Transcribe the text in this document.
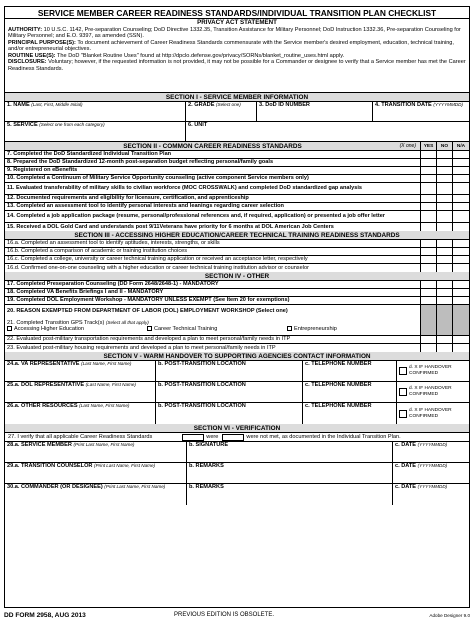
SERVICE MEMBER CAREER READINESS STANDARDS/INDIVIDUAL TRANSITION PLAN CHECKLIST
PRIVACY ACT STATEMENT
AUTHORITY: 10 U.S.C. 1142, Pre-separation Counseling; DoD Directive 1332.35, Transition Assistance for Military Personnel; DoD Instruction 1332.36, Pre-separation Counseling for Military Personnel; and E.O. 9397, as amended (SSN).
PRINCIPAL PURPOSE(S): To document achievement of Career Readiness Standards commensurate with the Service member's desired employment, education, technical training, and/or entrepreneurial objectives.
ROUTINE USE(S): The DoD "Blanket Routine Uses" found at http://dpclo.defense.gov/privacy/SORNs/blanket_routine_uses.html apply.
DISCLOSURE: Voluntary; however, if the requested information is not provided, it may not be possible for a Commander or designee to verify that a Service member has met the Career Readiness Standards.
SECTION I - SERVICE MEMBER INFORMATION
1. NAME (Last, First, Middle Initial)	2. GRADE (Select one)	3. DoD ID NUMBER	4. TRANSITION DATE (YYYYMMDD)
5. SERVICE (Select one from each category)	6. UNIT
SECTION II - COMMON CAREER READINESS STANDARDS	(X one)	YES	NO	N/A
7. Completed the DoD Standardized Individual Transition Plan
8. Prepared the DoD Standardized 12-month post-separation budget reflecting personal/family goals
9. Registered on eBenefits
10. Completed a Continuum of Military Service Opportunity counseling (active component Service members only)
11. Evaluated transferability of military skills to civilian workforce (MOC CROSSWALK) and completed DoD standardized gap analysis
12. Documented requirements and eligibility for licensure, certification, and apprenticeship
13. Completed an assessment tool to identify personal interests and leanings regarding career selection
14. Completed a job application package (resume, personal/professional references and, if required, application) or presented a job offer letter
15. Received a DOL Gold Card and understands post 9/11Veterans have priority for 6 months at DOL American Job Centers
SECTION III - ACCESSING HIGHER EDUCATION/CAREER TECHNICAL TRAINING READINESS STANDARDS
16.a. Completed an assessment tool to identify aptitudes, interests, strengths, or skills
16.b. Completed a comparison of academic or training institution choices
16.c. Completed a college, university or career technical training application or received an acceptance letter, respectively
16.d. Confirmed one-on-one counseling with a higher education or career technical training institution advisor or counselor
SECTION IV - OTHER
17. Completed Preseparation Counseling (DD Form 2648/2648-1) - MANDATORY
18. Completed VA Benefits Briefings I and II - MANDATORY
19. Completed DOL Employment Workshop - MANDATORY UNLESS EXEMPT (See Item 20 for exemptions)
20. REASON EXEMPTED FROM DEPARTMENT OF LABOR (DOL) EMPLOYMENT WORKSHOP (Select one)
21. Completed Transition GPS Track(s) (Select all that apply)
Accessing Higher Education	Career Technical Training	Entrepreneurship
22. Evaluated post-military transportation requirements and developed a plan to meet personal/family needs in ITP
23. Evaluated post-military housing requirements and developed a plan to meet personal/family needs in ITP
SECTION V - WARM HANDOVER TO SUPPORTING AGENCIES CONTACT INFORMATION
24.a. VA REPRESENTATIVE (Last Name, First Name)	b. POST-TRANSITION LOCATION	c. TELEPHONE NUMBER
d. X IF HANDOVER CONFIRMED
25.a. DOL REPRESENTATIVE (Last Name, First Name)	b. POST-TRANSITION LOCATION	c. TELEPHONE NUMBER
d. X IF HANDOVER CONFIRMED
26.a. OTHER RESOURCES (Last Name, First Name)	b. POST-TRANSITION LOCATION	c. TELEPHONE NUMBER
d. X IF HANDOVER CONFIRMED
SECTION VI - VERIFICATION
27. I verify that all applicable Career Readiness Standards	were	were not met, as documented in the Individual Transition Plan.
28.a. SERVICE MEMBER (Print Last Name, First Name)	b. SIGNATURE	c. DATE (YYYYMMDD)
29.a. TRANSITION COUNSELOR (Print Last Name, First Name)	b. REMARKS	c. DATE (YYYYMMDD)
30.a. COMMANDER (OR DESIGNEE) (Print Last Name, First Name)	b. REMARKS	c. DATE (YYYYMMDD)
DD FORM 2958, AUG 2013	PREVIOUS EDITION IS OBSOLETE.	Adobe Designer 9.0
